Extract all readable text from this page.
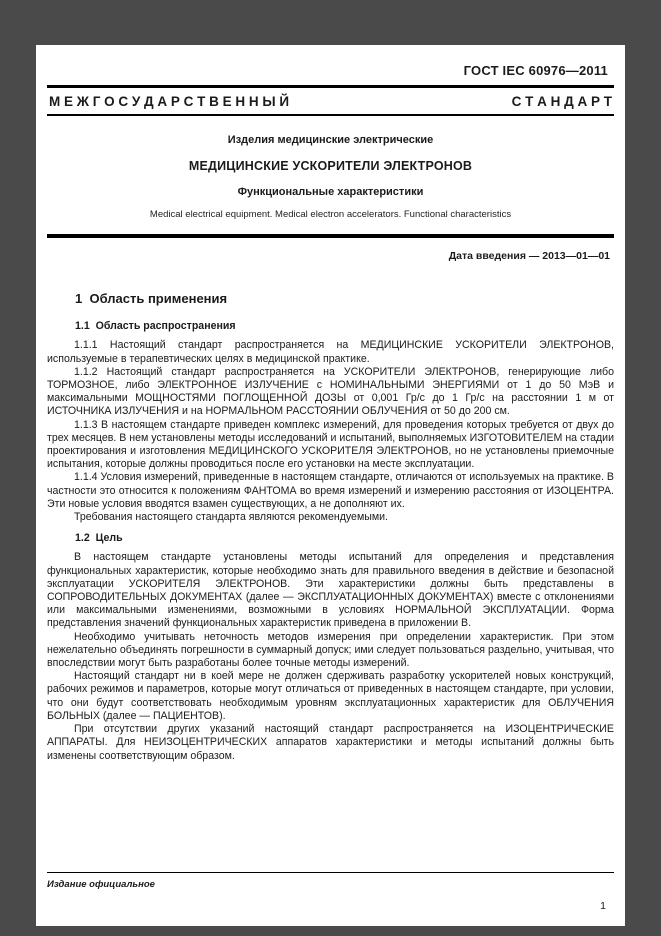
ГОСТ IEC 60976—2011
М Е Ж Г О С У Д А Р С Т В Е Н Н Ы Й	С Т А Н Д А Р Т
Изделия медицинские электрические
МЕДИЦИНСКИЕ УСКОРИТЕЛИ ЭЛЕКТРОНОВ
Функциональные характеристики
Medical electrical equipment. Medical electron accelerators. Functional characteristics
Дата введения — 2013—01—01
1  Область применения
1.1  Область распространения

1.1.1 Настоящий стандарт распространяется на МЕДИЦИНСКИЕ УСКОРИТЕЛИ ЭЛЕКТРОНОВ, используемые в терапевтических целях в медицинской практике.

1.1.2 Настоящий стандарт распространяется на УСКОРИТЕЛИ ЭЛЕКТРОНОВ, генерирующие либо ТОРМОЗНОЕ, либо ЭЛЕКТРОННОЕ ИЗЛУЧЕНИЕ с НОМИНАЛЬНЫМИ ЭНЕРГИЯМИ от 1 до 50 МэВ и максимальными МОЩНОСТЯМИ ПОГЛОЩЕННОЙ ДОЗЫ от 0,001 Гр/с до 1 Гр/с на расстоянии 1 м от ИСТОЧНИКА ИЗЛУЧЕНИЯ и на НОРМАЛЬНОМ РАССТОЯНИИ ОБЛУЧЕНИЯ от 50 до 200 см.

1.1.3 В настоящем стандарте приведен комплекс измерений, для проведения которых требуется от двух до трех месяцев. В нем установлены методы исследований и испытаний, выполняемых ИЗГОТОВИТЕЛЕМ на стадии проектирования и изготовления МЕДИЦИНСКОГО УСКОРИТЕЛЯ ЭЛЕКТРОНОВ, но не установлены приемочные испытания, которые должны проводиться после его установки на месте эксплуатации.

1.1.4 Условия измерений, приведенные в настоящем стандарте, отличаются от используемых на практике. В частности это относится к положениям ФАНТОМА во время измерений и измерению расстояния от ИЗОЦЕНТРА. Эти новые условия вводятся взамен существующих, а не дополняют их.

Требования настоящего стандарта являются рекомендуемыми.

1.2  Цель

В настоящем стандарте установлены методы испытаний для определения и представления функциональных характеристик, которые необходимо знать для правильного введения в действие и безопасной эксплуатации УСКОРИТЕЛЯ ЭЛЕКТРОНОВ. Эти характеристики должны быть представлены в СОПРОВОДИТЕЛЬНЫХ ДОКУМЕНТАХ (далее — ЭКСПЛУАТАЦИОННЫХ ДОКУМЕНТАХ) вместе с отклонениями или максимальными изменениями, возможными в условиях НОРМАЛЬНОЙ ЭКСПЛУАТАЦИИ. Форма представления значений функциональных характеристик приведена в приложении В.

Необходимо учитывать неточность методов измерения при определении характеристик. При этом нежелательно объединять погрешности в суммарный допуск; ими следует пользоваться раздельно, учитывая, что впоследствии могут быть разработаны более точные методы измерений.

Настоящий стандарт ни в коей мере не должен сдерживать разработку ускорителей новых конструкций, рабочих режимов и параметров, которые могут отличаться от приведенных в настоящем стандарте, при условии, что они будут соответствовать необходимым уровням эксплуатационных характеристик для ОБЛУЧЕНИЯ БОЛЬНЫХ (далее — ПАЦИЕНТОВ).

При отсутствии других указаний настоящий стандарт распространяется на ИЗОЦЕНТРИЧЕСКИЕ АППАРАТЫ. Для НЕИЗОЦЕНТРИЧЕСКИХ аппаратов характеристики и методы испытаний должны быть изменены соответствующим образом.

Издание официальное
1
